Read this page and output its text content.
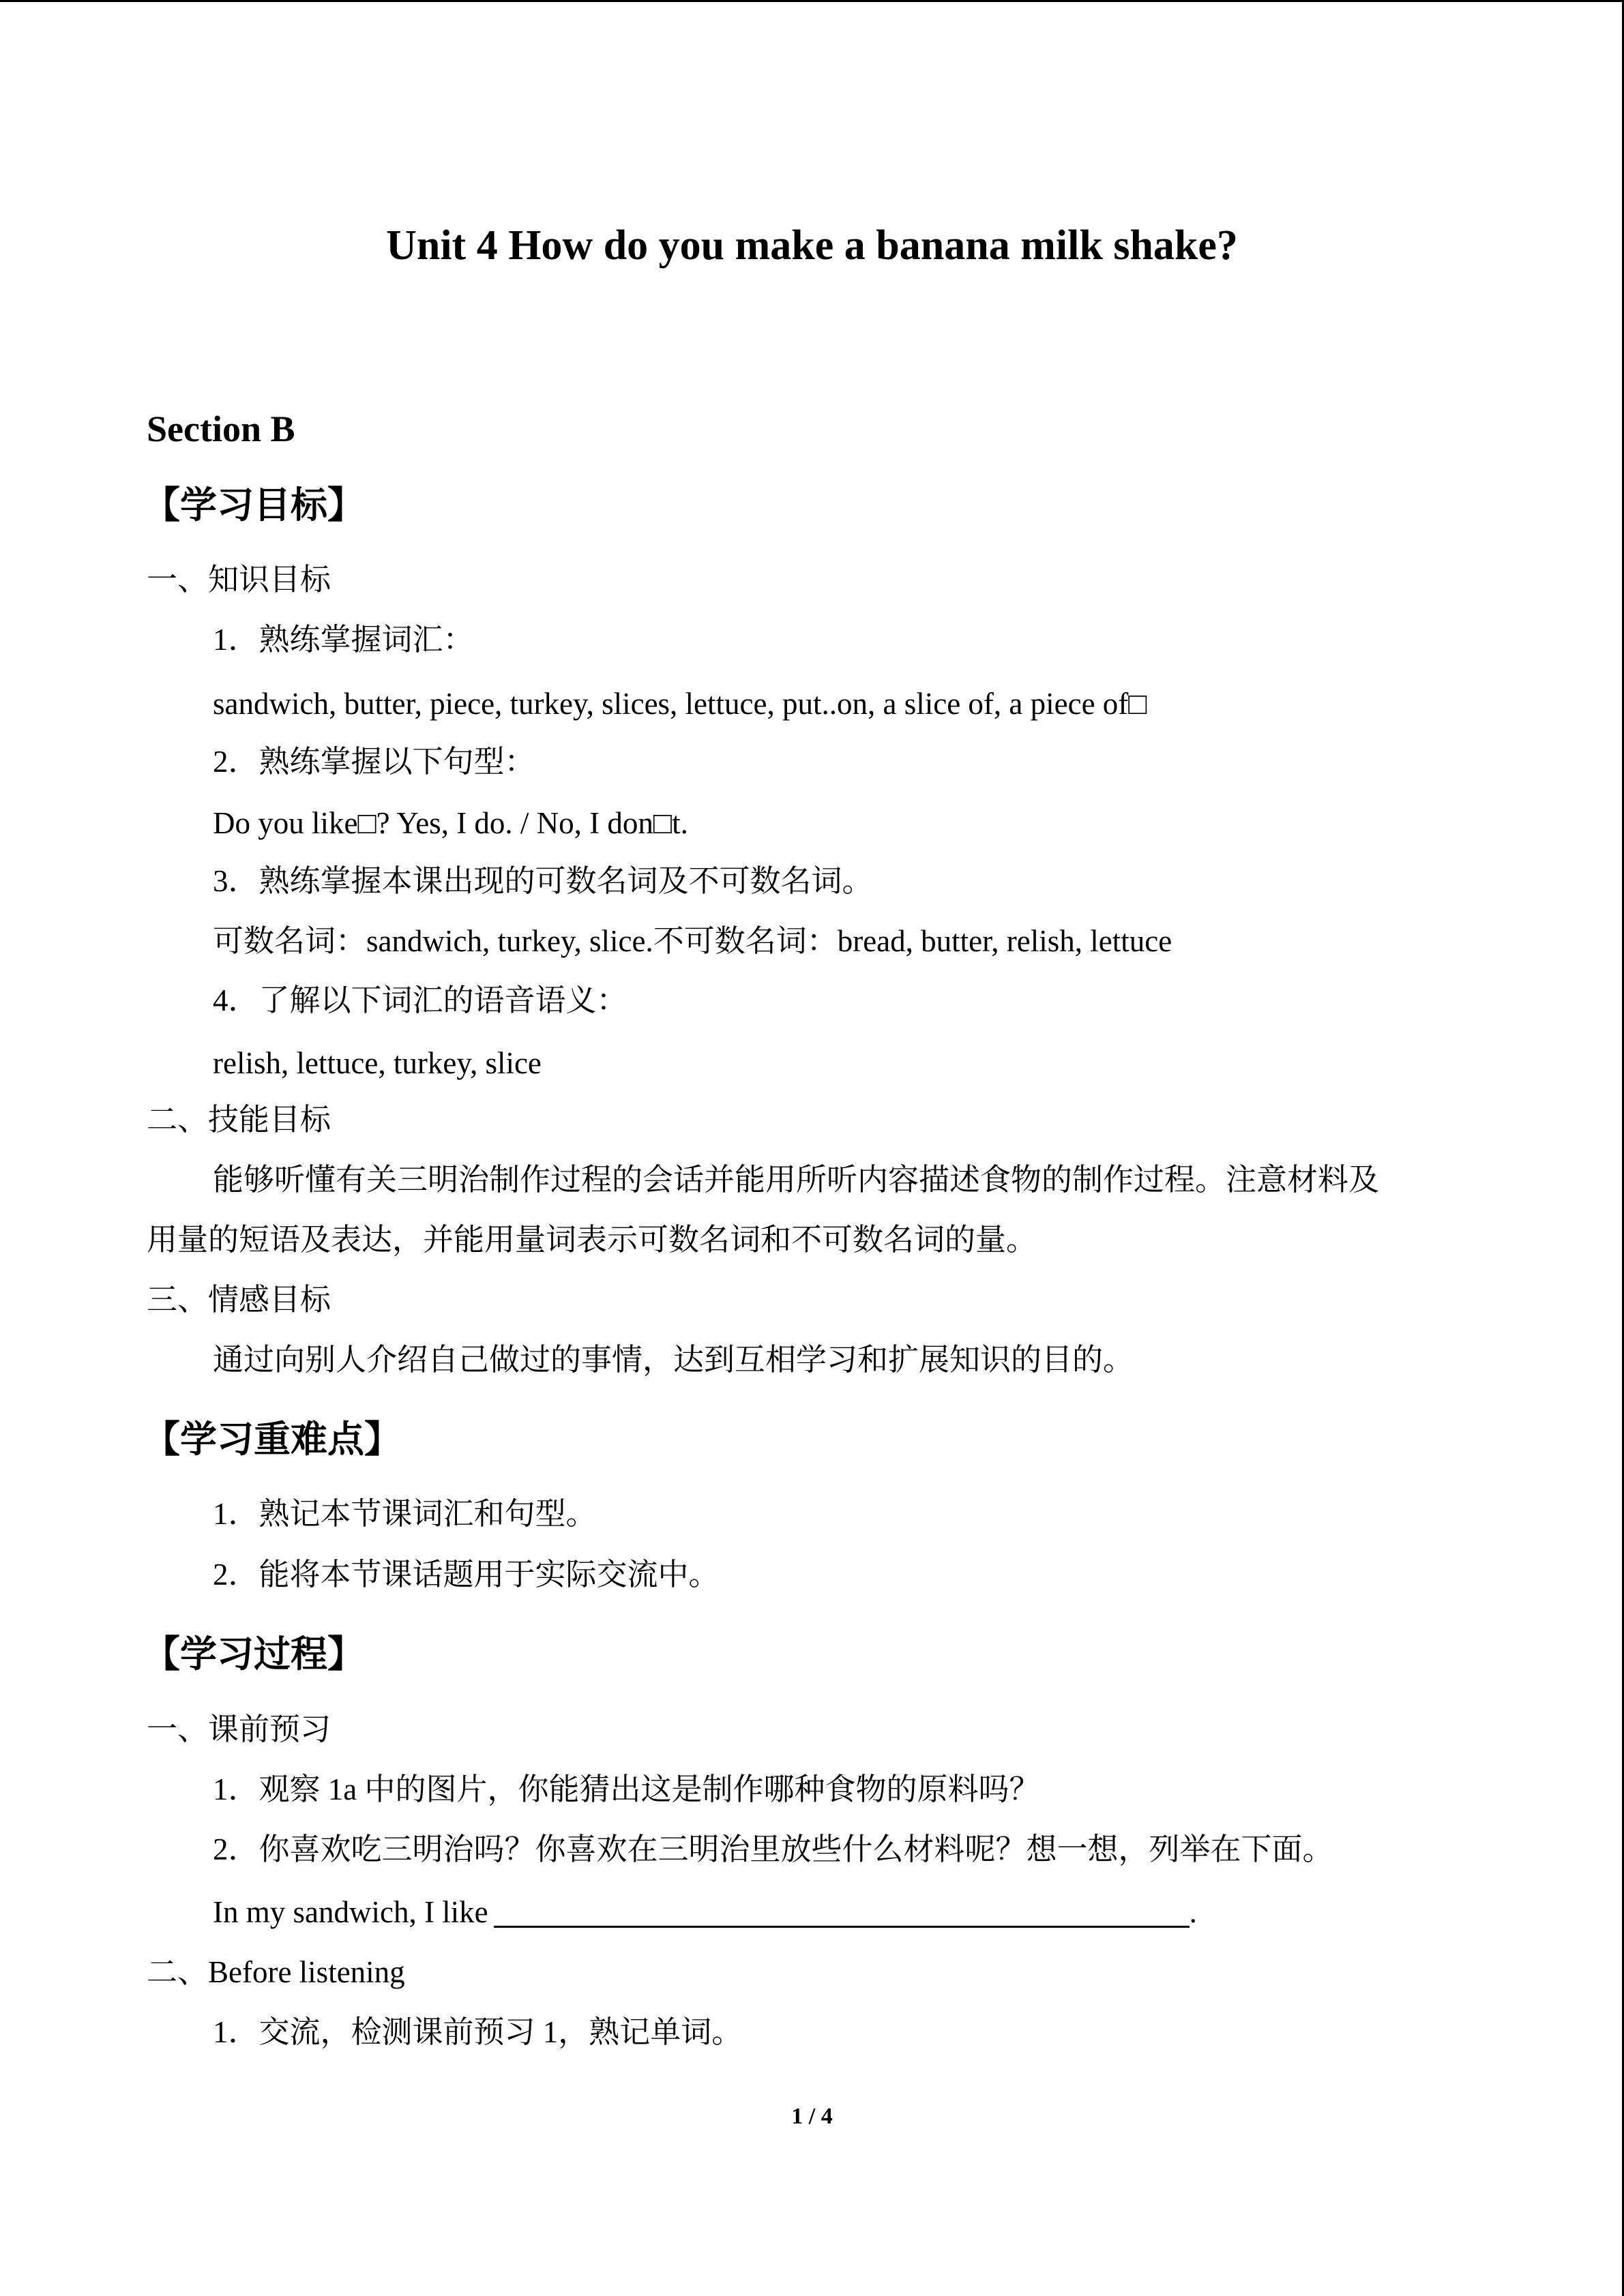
Unit 4 How do you make a banana milk shake?
Section B
【学习目标】
一、知识目标
1．熟练掌握词汇：
sandwich, butter, piece, turkey, slices, lettuce, put..on, a slice of, a piece of□
2．熟练掌握以下句型：
Do you like□? Yes, I do. / No, I don□t.
3．熟练掌握本课出现的可数名词及不可数名词。
可数名词：sandwich, turkey, slice.不可数名词：bread, butter, relish, lettuce
4．了解以下词汇的语音语义：
relish, lettuce, turkey, slice
二、技能目标
能够听懂有关三明治制作过程的会话并能用所听内容描述食物的制作过程。注意材料及
用量的短语及表达，并能用量词表示可数名词和不可数名词的量。
三、情感目标
通过向别人介绍自己做过的事情，达到互相学习和扩展知识的目的。
【学习重难点】
1．熟记本节课词汇和句型。
2．能将本节课话题用于实际交流中。
【学习过程】
一、课前预习
1．观察 1a 中的图片，你能猜出这是制作哪种食物的原料吗？
2．你喜欢吃三明治吗？你喜欢在三明治里放些什么材料呢？想一想，列举在下面。
In my sandwich, I like	.
二、Before listening
1．交流，检测课前预习 1，熟记单词。
1 / 4
